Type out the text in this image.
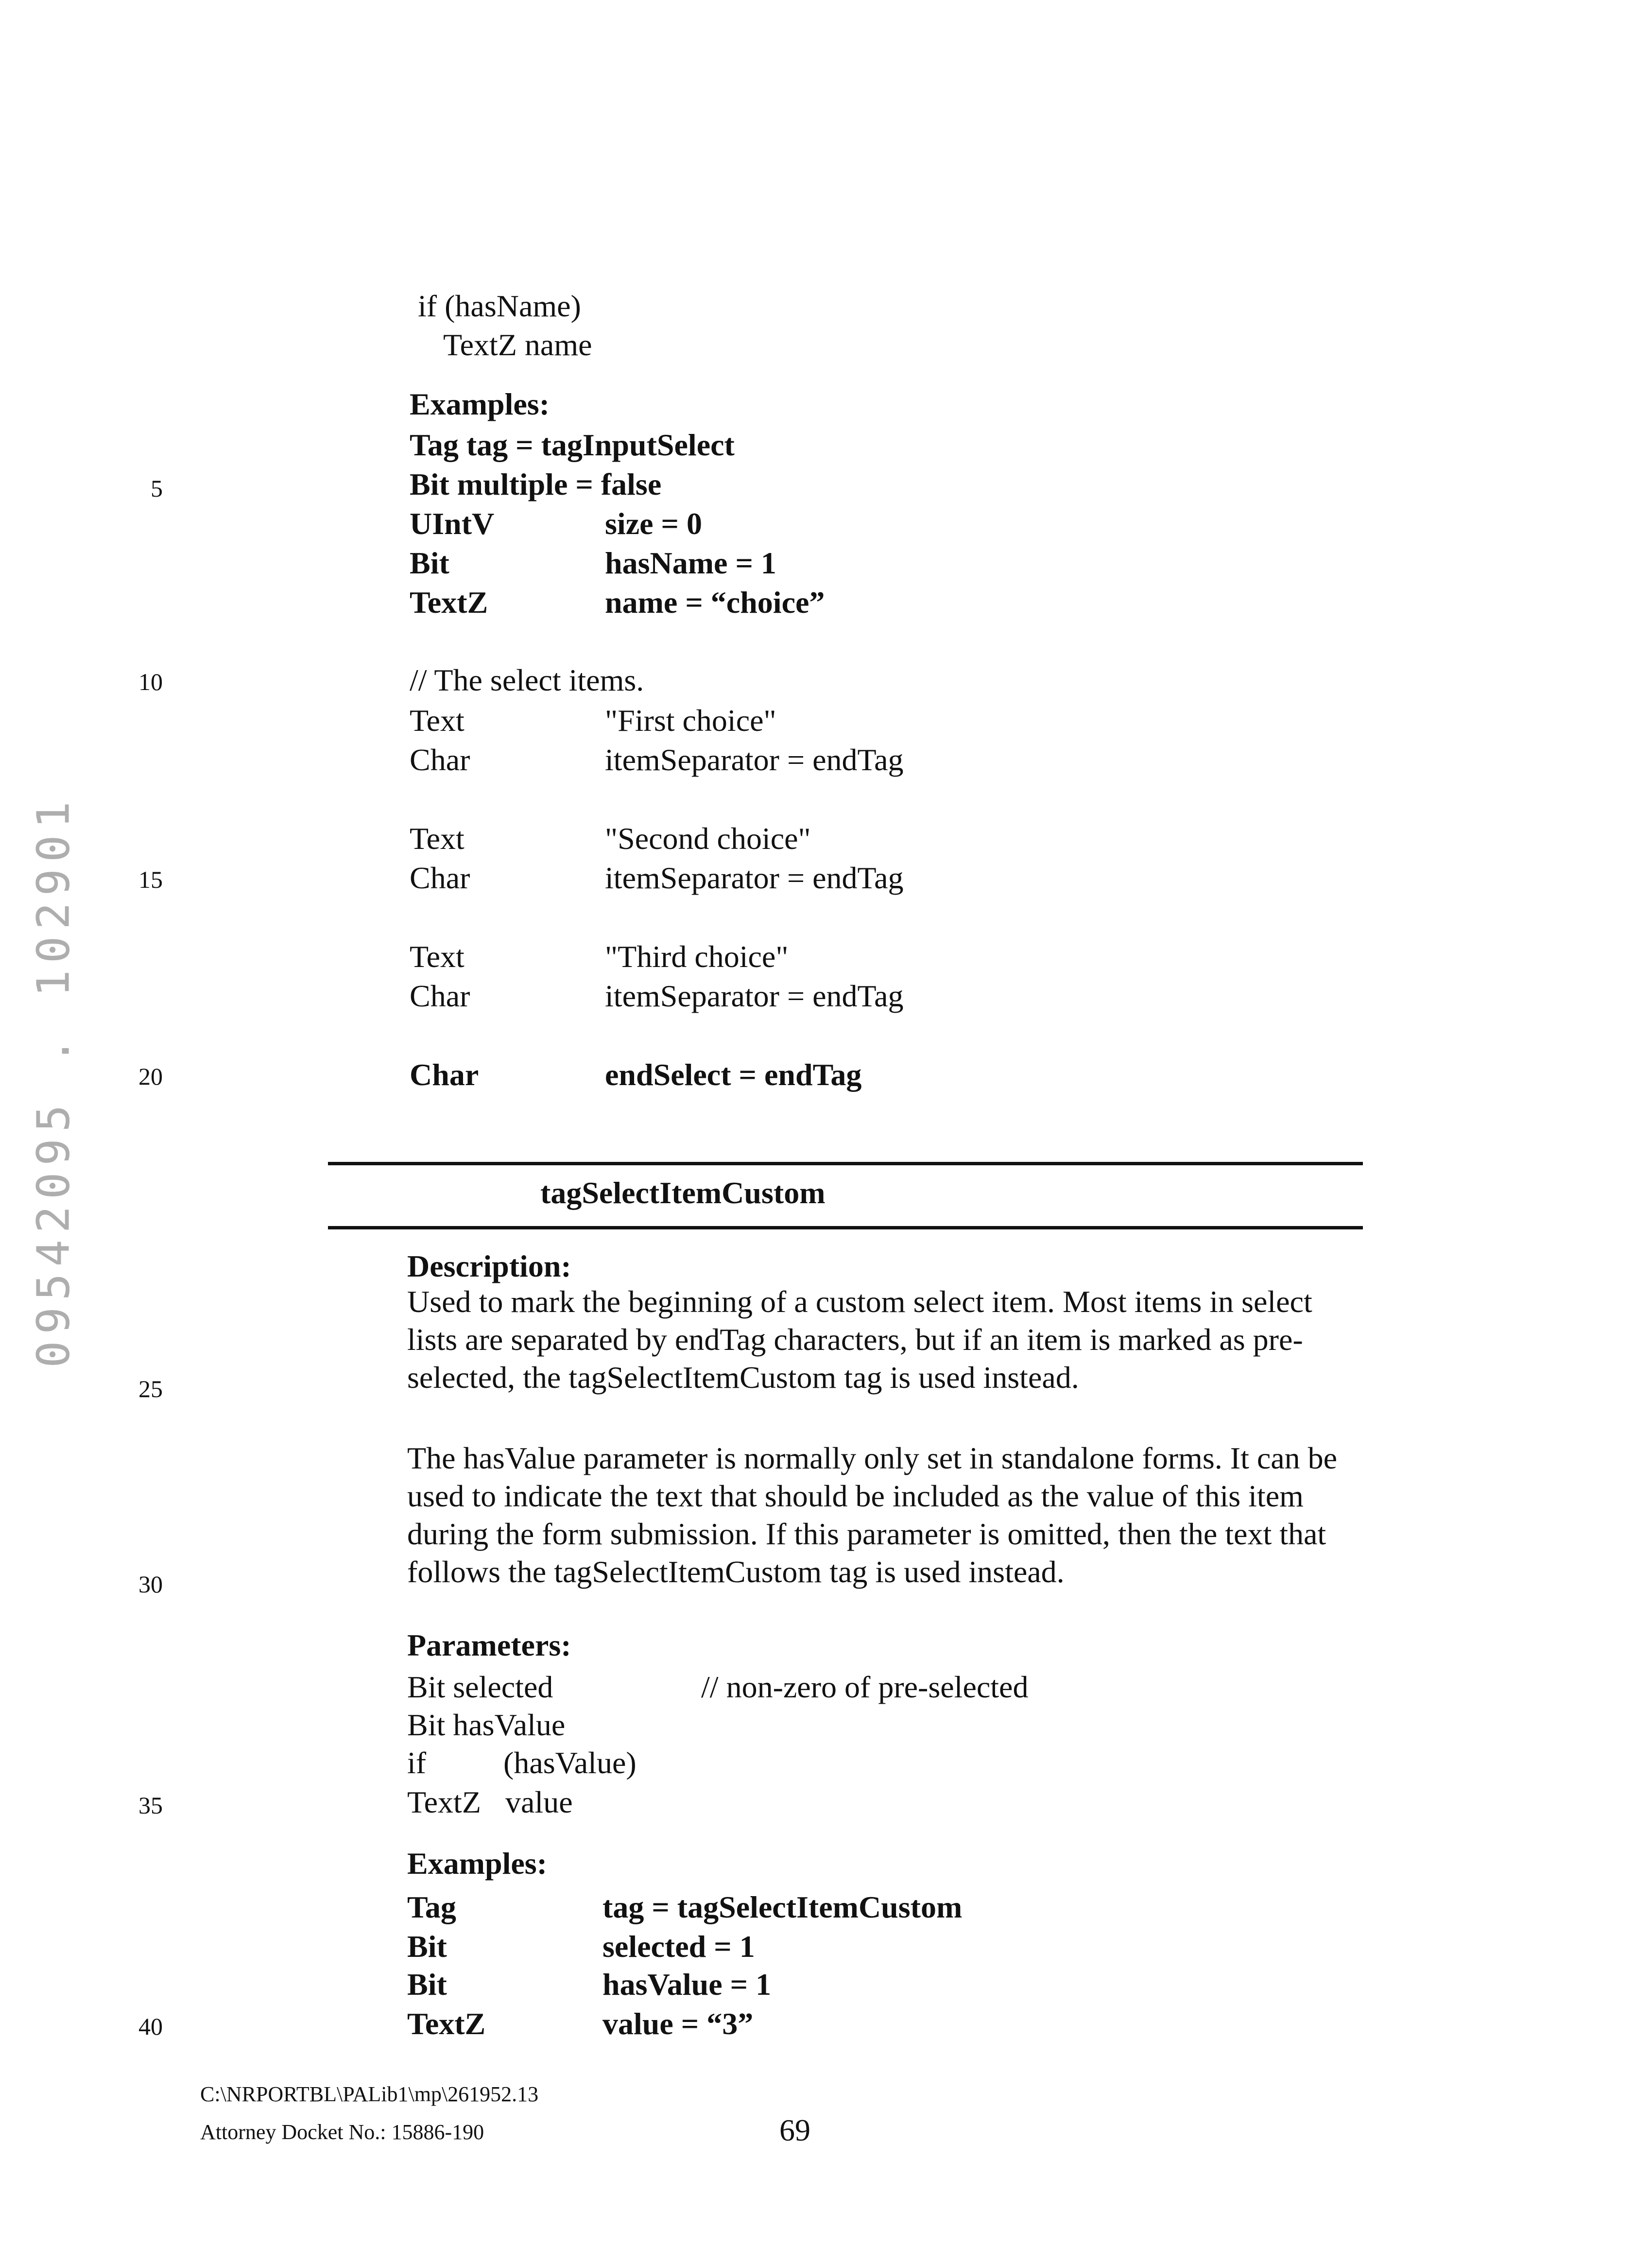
09542095 . 102901
5
10
15
20
25
30
35
40
if (hasName)
TextZ name
Examples:
Tag tag = tagInputSelect
Bit multiple = false
UIntV	size = 0
Bit	hasName = 1
TextZ	name = “choice”
// The select items.
Text	"First choice"
Char	itemSeparator = endTag
Text	"Second choice"
Char	itemSeparator = endTag
Text	"Third choice"
Char	itemSeparator = endTag
Char	endSelect = endTag
tagSelectItemCustom
Description:
Used to mark the beginning of a custom select item. Most items in select
lists are separated by endTag characters, but if an item is marked as pre-
selected, the tagSelectItemCustom tag is used instead.
The hasValue parameter is normally only set in standalone forms. It can be
used to indicate the text that should be included as the value of this item
during the form submission. If this parameter is omitted, then the text that
follows the tagSelectItemCustom tag is used instead.
Parameters:
Bit selected	// non-zero of pre-selected
Bit hasValue
if (hasValue)
TextZ value
Examples:
Tag	tag = tagSelectItemCustom
Bit	selected = 1
Bit	hasValue = 1
TextZ	value = “3”
C:\NRPORTBL\PALib1\mp\261952.13
Attorney Docket No.: 15886-190	69
